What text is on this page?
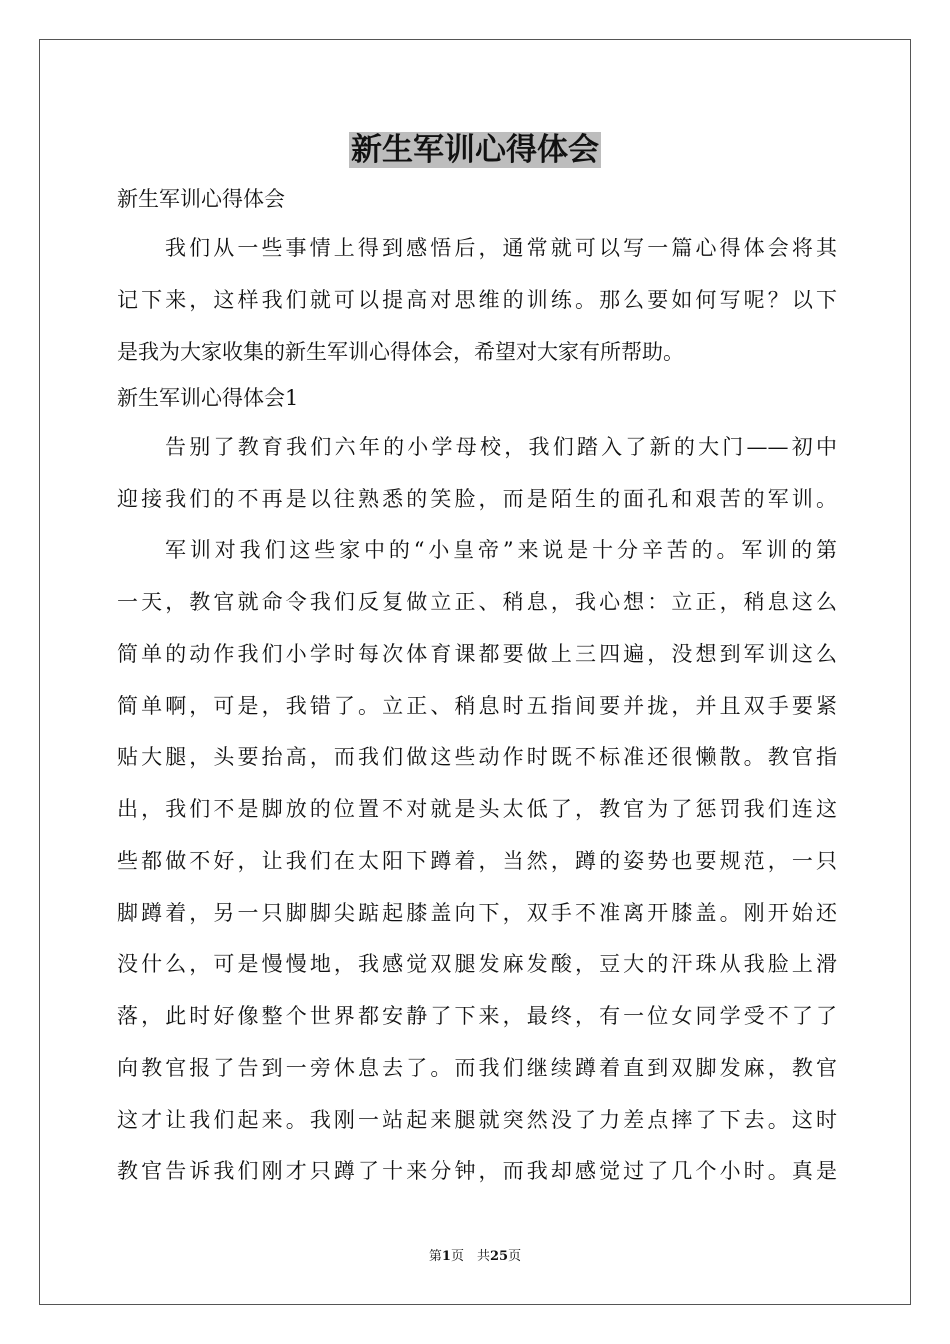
新生军训心得体会

新生军训心得体会

我们从一些事情上得到感悟后，通常就可以写一篇心得体会将其

记下来，这样我们就可以提高对思维的训练。那么要如何写呢？以下

是我为大家收集的新生军训心得体会，希望对大家有所帮助。

新生军训心得体会1

告别了教育我们六年的小学母校，我们踏入了新的大门——初中

迎接我们的不再是以往熟悉的笑脸，而是陌生的面孔和艰苦的军训。

军训对我们这些家中的“小皇帝”来说是十分辛苦的。军训的第

一天，教官就命令我们反复做立正、稍息，我心想：立正，稍息这么

简单的动作我们小学时每次体育课都要做上三四遍，没想到军训这么

简单啊，可是，我错了。立正、稍息时五指间要并拢，并且双手要紧

贴大腿，头要抬高，而我们做这些动作时既不标准还很懒散。教官指

出，我们不是脚放的位置不对就是头太低了，教官为了惩罚我们连这

些都做不好，让我们在太阳下蹲着，当然，蹲的姿势也要规范，一只

脚蹲着，另一只脚脚尖踮起膝盖向下，双手不准离开膝盖。刚开始还

没什么，可是慢慢地，我感觉双腿发麻发酸，豆大的汗珠从我脸上滑

落，此时好像整个世界都安静了下来，最终，有一位女同学受不了了

向教官报了告到一旁休息去了。而我们继续蹲着直到双脚发麻，教官

这才让我们起来。我刚一站起来腿就突然没了力差点摔了下去。这时

教官告诉我们刚才只蹲了十来分钟，而我却感觉过了几个小时。真是

第1页　共25页
